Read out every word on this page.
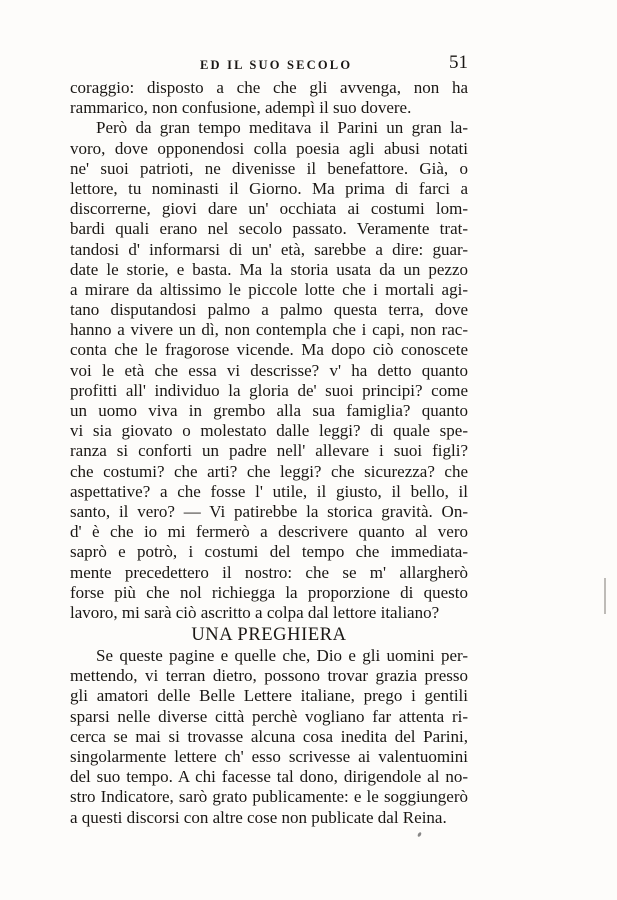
ED IL SUO SECOLO	51
coraggio: disposto a che che gli avvenga, non ha
rammarico, non confusione, adempì il suo dovere.
Però da gran tempo meditava il Parini un gran la-
voro, dove opponendosi colla poesia agli abusi notati
ne' suoi patrioti, ne divenisse il benefattore. Già, o
lettore, tu nominasti il Giorno. Ma prima di farci a
discorrerne, giovi dare un' occhiata ai costumi lom-
bardi quali erano nel secolo passato. Veramente trat-
tandosi d' informarsi di un' età, sarebbe a dire: guar-
date le storie, e basta. Ma la storia usata da un pezzo
a mirare da altissimo le piccole lotte che i mortali agi-
tano disputandosi palmo a palmo questa terra, dove
hanno a vivere un dì, non contempla che i capi, non rac-
conta che le fragorose vicende. Ma dopo ciò conoscete
voi le età che essa vi descrisse? v' ha detto quanto
profitti all' individuo la gloria de' suoi principi? come
un uomo viva in grembo alla sua famiglia? quanto
vi sia giovato o molestato dalle leggi? di quale spe-
ranza si conforti un padre nell' allevare i suoi figli?
che costumi? che arti? che leggi? che sicurezza? che
aspettative? a che fosse l' utile, il giusto, il bello, il
santo, il vero? — Vi patirebbe la storica gravità. On-
d' è che io mi fermerò a descrivere quanto al vero
saprò e potrò, i costumi del tempo che immediata-
mente precedettero il nostro: che se m' allargherò
forse più che nol richiegga la proporzione di questo
lavoro, mi sarà ciò ascritto a colpa dal lettore italiano?
UNA PREGHIERA
Se queste pagine e quelle che, Dio e gli uomini per-
mettendo, vi terran dietro, possono trovar grazia presso
gli amatori delle Belle Lettere italiane, prego i gentili
sparsi nelle diverse città perchè vogliano far attenta ri-
cerca se mai si trovasse alcuna cosa inedita del Parini,
singolarmente lettere ch' esso scrivesse ai valentuomini
del suo tempo. A chi facesse tal dono, dirigendole al no-
stro Indicatore, sarò grato publicamente: e le soggiungerò
a questi discorsi con altre cose non publicate dal Reina.
